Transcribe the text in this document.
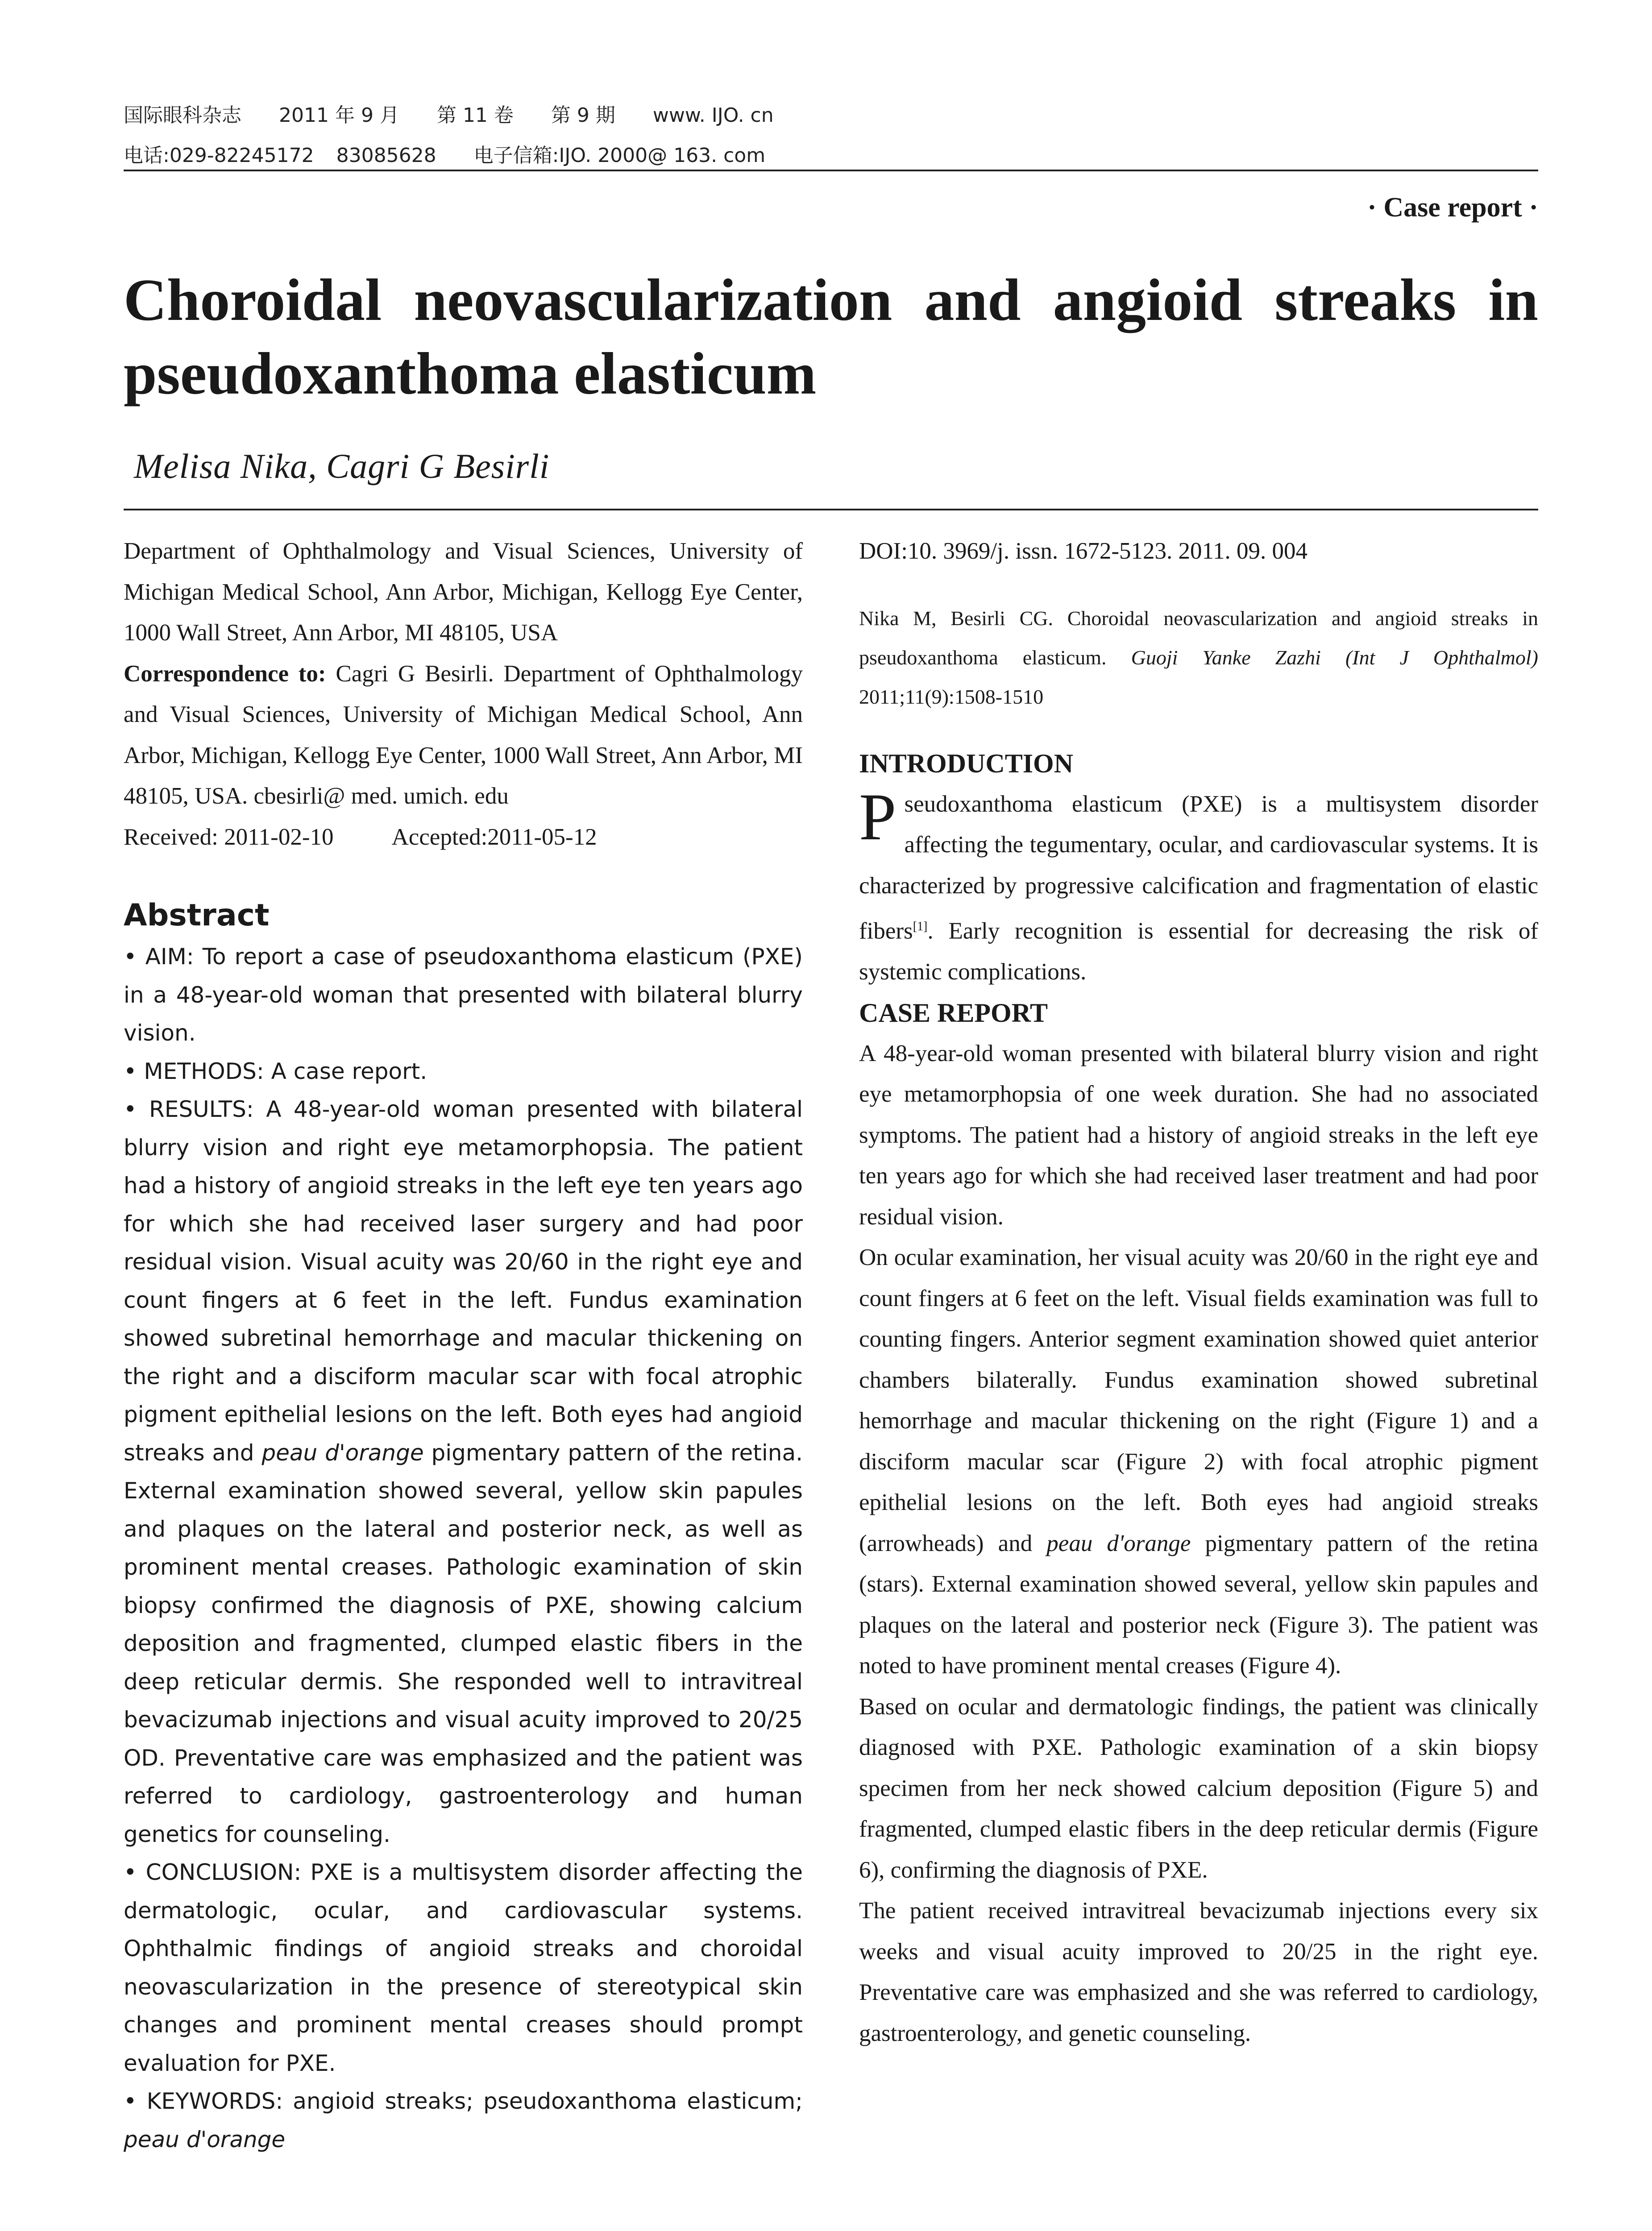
国际眼科杂志 2011 年 9 月 第 11 卷 第 9 期 www. IJO. cn
电话:029-82245172 83085628 电子信箱:IJO. 2000@ 163. com
· Case report ·
Choroidal neovascularization and angioid streaks in pseudoxanthoma elasticum
Melisa Nika, Cagri G Besirli

Department of Ophthalmology and Visual Sciences, University of Michigan Medical School, Ann Arbor, Michigan, Kellogg Eye Center, 1000 Wall Street, Ann Arbor, MI 48105, USA

Correspondence to: Cagri G Besirli. Department of Ophthalmology and Visual Sciences, University of Michigan Medical School, Ann Arbor, Michigan, Kellogg Eye Center, 1000 Wall Street, Ann Arbor, MI 48105, USA. cbesirli@ med. umich. edu

Received: 2011-02-10 Accepted:2011-05-12

Abstract

• AIM: To report a case of pseudoxanthoma elasticum (PXE) in a 48-year-old woman that presented with bilateral blurry vision.

• METHODS: A case report.

• RESULTS: A 48-year-old woman presented with bilateral blurry vision and right eye metamorphopsia. The patient had a history of angioid streaks in the left eye ten years ago for which she had received laser surgery and had poor residual vision. Visual acuity was 20/60 in the right eye and count fingers at 6 feet in the left. Fundus examination showed subretinal hemorrhage and macular thickening on the right and a disciform macular scar with focal atrophic pigment epithelial lesions on the left. Both eyes had angioid streaks and peau d'orange pigmentary pattern of the retina. External examination showed several, yellow skin papules and plaques on the lateral and posterior neck, as well as prominent mental creases. Pathologic examination of skin biopsy confirmed the diagnosis of PXE, showing calcium deposition and fragmented, clumped elastic fibers in the deep reticular dermis. She responded well to intravitreal bevacizumab injections and visual acuity improved to 20/25 OD. Preventative care was emphasized and the patient was referred to cardiology, gastroenterology and human genetics for counseling.

• CONCLUSION: PXE is a multisystem disorder affecting the dermatologic, ocular, and cardiovascular systems. Ophthalmic findings of angioid streaks and choroidal neovascularization in the presence of stereotypical skin changes and prominent mental creases should prompt evaluation for PXE.

• KEYWORDS: angioid streaks; pseudoxanthoma elasticum; peau d'orange

DOI:10. 3969/j. issn. 1672-5123. 2011. 09. 004

Nika M, Besirli CG. Choroidal neovascularization and angioid streaks in pseudoxanthoma elasticum. Guoji Yanke Zazhi (Int J Ophthalmol) 2011;11(9):1508-1510

INTRODUCTION

Pseudoxanthoma elasticum (PXE) is a multisystem disorder affecting the tegumentary, ocular, and cardiovascular systems. It is characterized by progressive calcification and fragmentation of elastic fibers[1]. Early recognition is essential for decreasing the risk of systemic complications.

CASE REPORT

A 48-year-old woman presented with bilateral blurry vision and right eye metamorphopsia of one week duration. She had no associated symptoms. The patient had a history of angioid streaks in the left eye ten years ago for which she had received laser treatment and had poor residual vision.

On ocular examination, her visual acuity was 20/60 in the right eye and count fingers at 6 feet on the left. Visual fields examination was full to counting fingers. Anterior segment examination showed quiet anterior chambers bilaterally. Fundus examination showed subretinal hemorrhage and macular thickening on the right (Figure 1) and a disciform macular scar (Figure 2) with focal atrophic pigment epithelial lesions on the left. Both eyes had angioid streaks (arrowheads) and peau d'orange pigmentary pattern of the retina (stars). External examination showed several, yellow skin papules and plaques on the lateral and posterior neck (Figure 3). The patient was noted to have prominent mental creases (Figure 4).

Based on ocular and dermatologic findings, the patient was clinically diagnosed with PXE. Pathologic examination of a skin biopsy specimen from her neck showed calcium deposition (Figure 5) and fragmented, clumped elastic fibers in the deep reticular dermis (Figure 6), confirming the diagnosis of PXE.

The patient received intravitreal bevacizumab injections every six weeks and visual acuity improved to 20/25 in the right eye. Preventative care was emphasized and she was referred to cardiology, gastroenterology, and genetic counseling.
